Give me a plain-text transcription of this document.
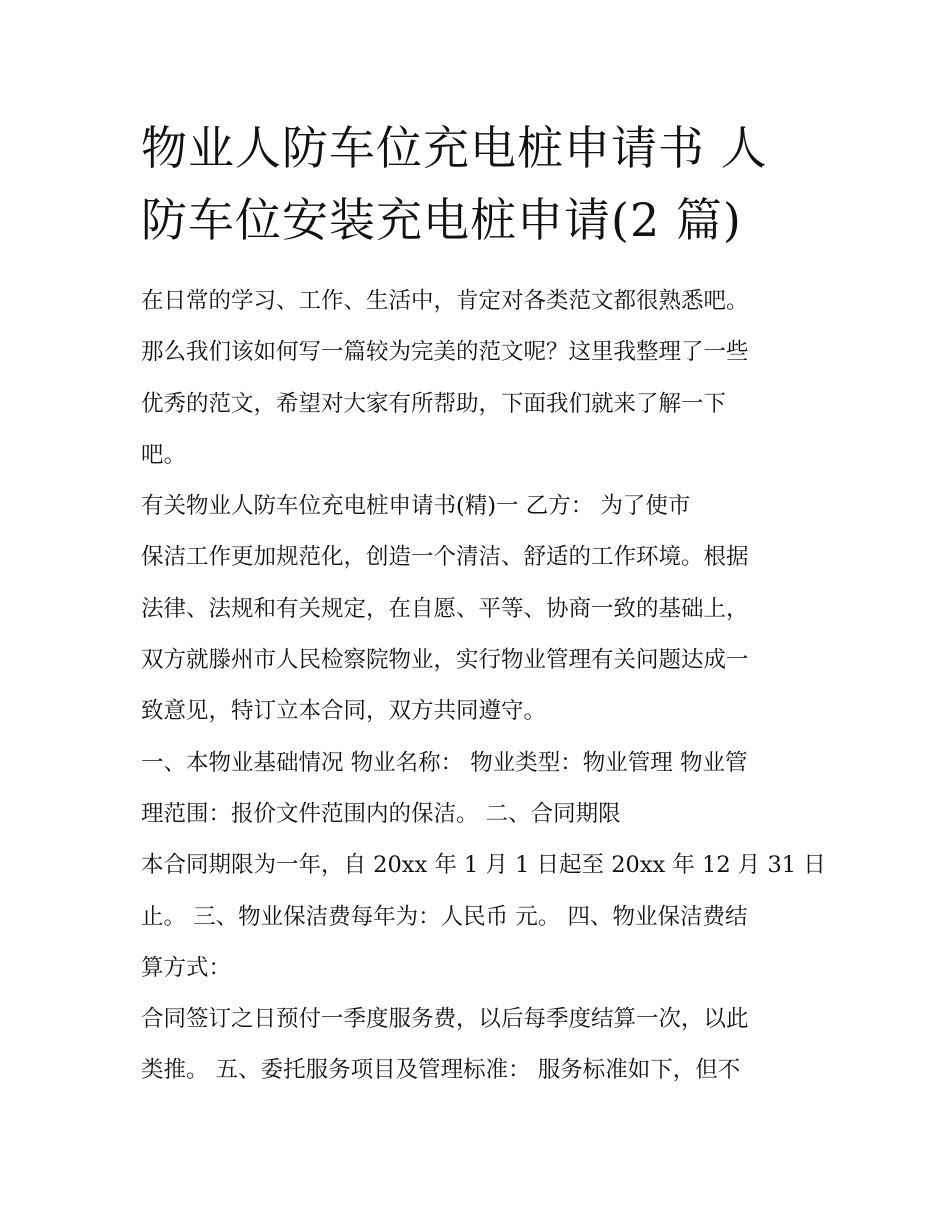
物业人防车位充电桩申请书 人
防车位安装充电桩申请(2 篇)
在日常的学习、工作、生活中，肯定对各类范文都很熟悉吧。
那么我们该如何写一篇较为完美的范文呢？这里我整理了一些
优秀的范文，希望对大家有所帮助，下面我们就来了解一下
吧。
有关物业人防车位充电桩申请书(精)一 乙方： 为了使市
保洁工作更加规范化，创造一个清洁、舒适的工作环境。根据
法律、法规和有关规定，在自愿、平等、协商一致的基础上，
双方就滕州市人民检察院物业，实行物业管理有关问题达成一
致意见，特订立本合同，双方共同遵守。
一、本物业基础情况 物业名称： 物业类型：物业管理 物业管
理范围：报价文件范围内的保洁。 二、合同期限
本合同期限为一年，自 20xx 年 1 月 1 日起至 20xx 年 12 月 31 日
止。 三、物业保洁费每年为：人民币 元。 四、物业保洁费结
算方式：
合同签订之日预付一季度服务费，以后每季度结算一次，以此
类推。 五、委托服务项目及管理标准： 服务标准如下，但不
